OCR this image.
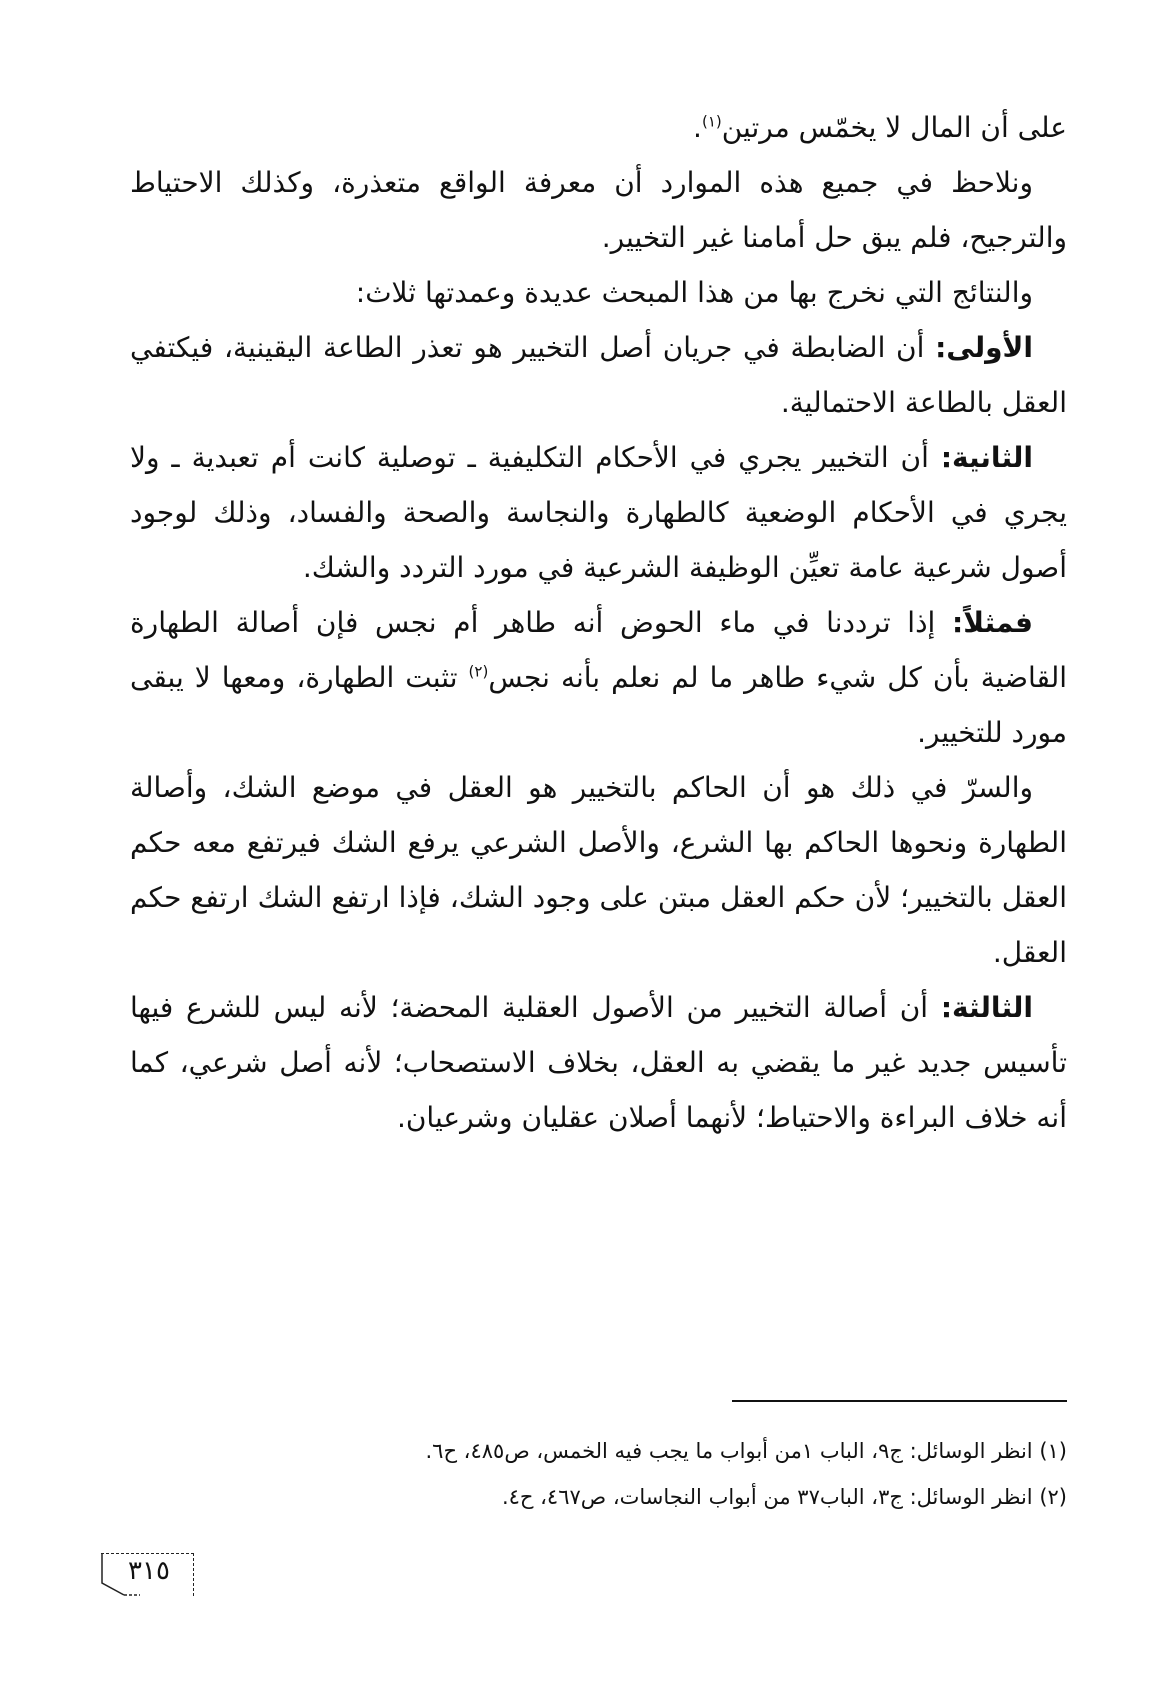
على أن المال لا يخمّس مرتين$^{(١)}$.

ونلاحظ في جميع هذه الموارد أن معرفة الواقع متعذرة، وكذلك الاحتياط والترجيح، فلم يبق حل أمامنا غير التخيير.

والنتائج التي نخرج بها من هذا المبحث عديدة وعمدتها ثلاث:

الأولى: أن الضابطة في جريان أصل التخيير هو تعذر الطاعة اليقينية، فيكتفي العقل بالطاعة الاحتمالية.

الثانية: أن التخيير يجري في الأحكام التكليفية ـ توصلية كانت أم تعبدية ـ ولا يجري في الأحكام الوضعية كالطهارة والنجاسة والصحة والفساد، وذلك لوجود أصول شرعية عامة تعيِّن الوظيفة الشرعية في مورد التردد والشك.

فمثلاً: إذا ترددنا في ماء الحوض أنه طاهر أم نجس فإن أصالة الطهارة القاضية بأن كل شيء طاهر ما لم نعلم بأنه نجس$^{(٢)}$ تثبت الطهارة، ومعها لا يبقى مورد للتخيير.

والسرّ في ذلك هو أن الحاكم بالتخيير هو العقل في موضع الشك، وأصالة الطهارة ونحوها الحاكم بها الشرع، والأصل الشرعي يرفع الشك فيرتفع معه حكم العقل بالتخيير؛ لأن حكم العقل مبتن على وجود الشك، فإذا ارتفع الشك ارتفع حكم العقل.

الثالثة: أن أصالة التخيير من الأصول العقلية المحضة؛ لأنه ليس للشرع فيها تأسيس جديد غير ما يقضي به العقل، بخلاف الاستصحاب؛ لأنه أصل شرعي، كما أنه خلاف البراءة والاحتياط؛ لأنهما أصلان عقليان وشرعيان.

(١) انظر الوسائل: ج٩، الباب ١من أبواب ما يجب فيه الخمس، ص٤٨٥، ح٦.

(٢) انظر الوسائل: ج٣، الباب٣٧ من أبواب النجاسات، ص٤٦٧، ح٤.

٣١٥
